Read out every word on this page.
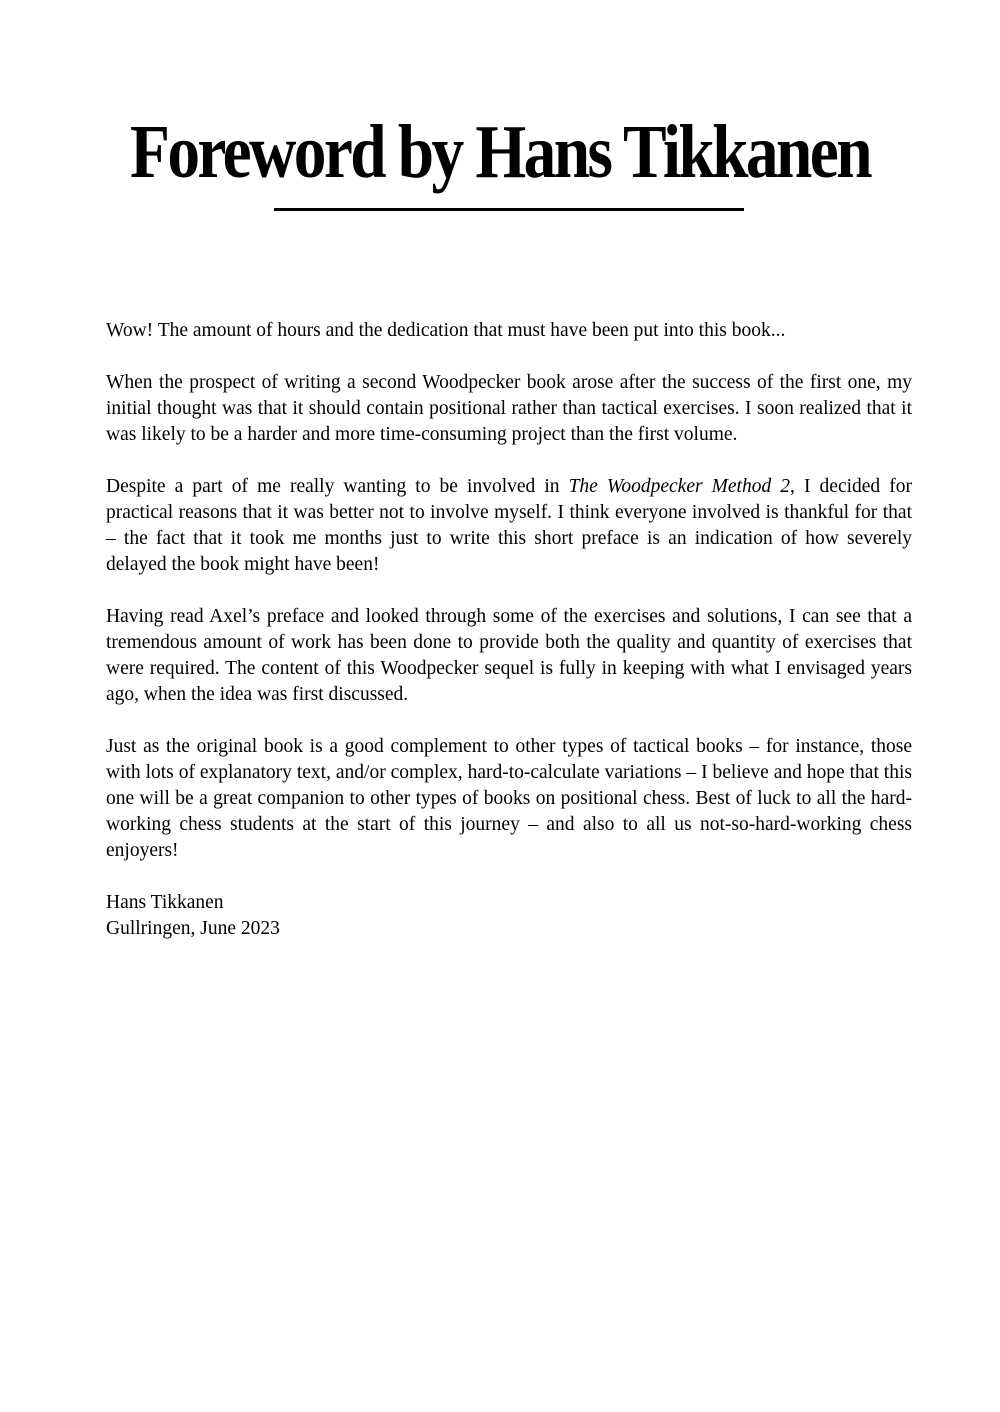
Foreword by Hans Tikkanen

Wow! The amount of hours and the dedication that must have been put into this book...

When the prospect of writing a second Woodpecker book arose after the success of the first one, my initial thought was that it should contain positional rather than tactical exercises. I soon realized that it was likely to be a harder and more time-consuming project than the first volume.

Despite a part of me really wanting to be involved in The Woodpecker Method 2, I decided for practical reasons that it was better not to involve myself. I think everyone involved is thankful for that – the fact that it took me months just to write this short preface is an indication of how severely delayed the book might have been!

Having read Axel’s preface and looked through some of the exercises and solutions, I can see that a tremendous amount of work has been done to provide both the quality and quantity of exercises that were required. The content of this Woodpecker sequel is fully in keeping with what I envisaged years ago, when the idea was first discussed.

Just as the original book is a good complement to other types of tactical books – for instance, those with lots of explanatory text, and/or complex, hard-to-calculate variations – I believe and hope that this one will be a great companion to other types of books on positional chess. Best of luck to all the hard-working chess students at the start of this journey – and also to all us not-so-hard-working chess enjoyers!

Hans Tikkanen
Gullringen, June 2023
